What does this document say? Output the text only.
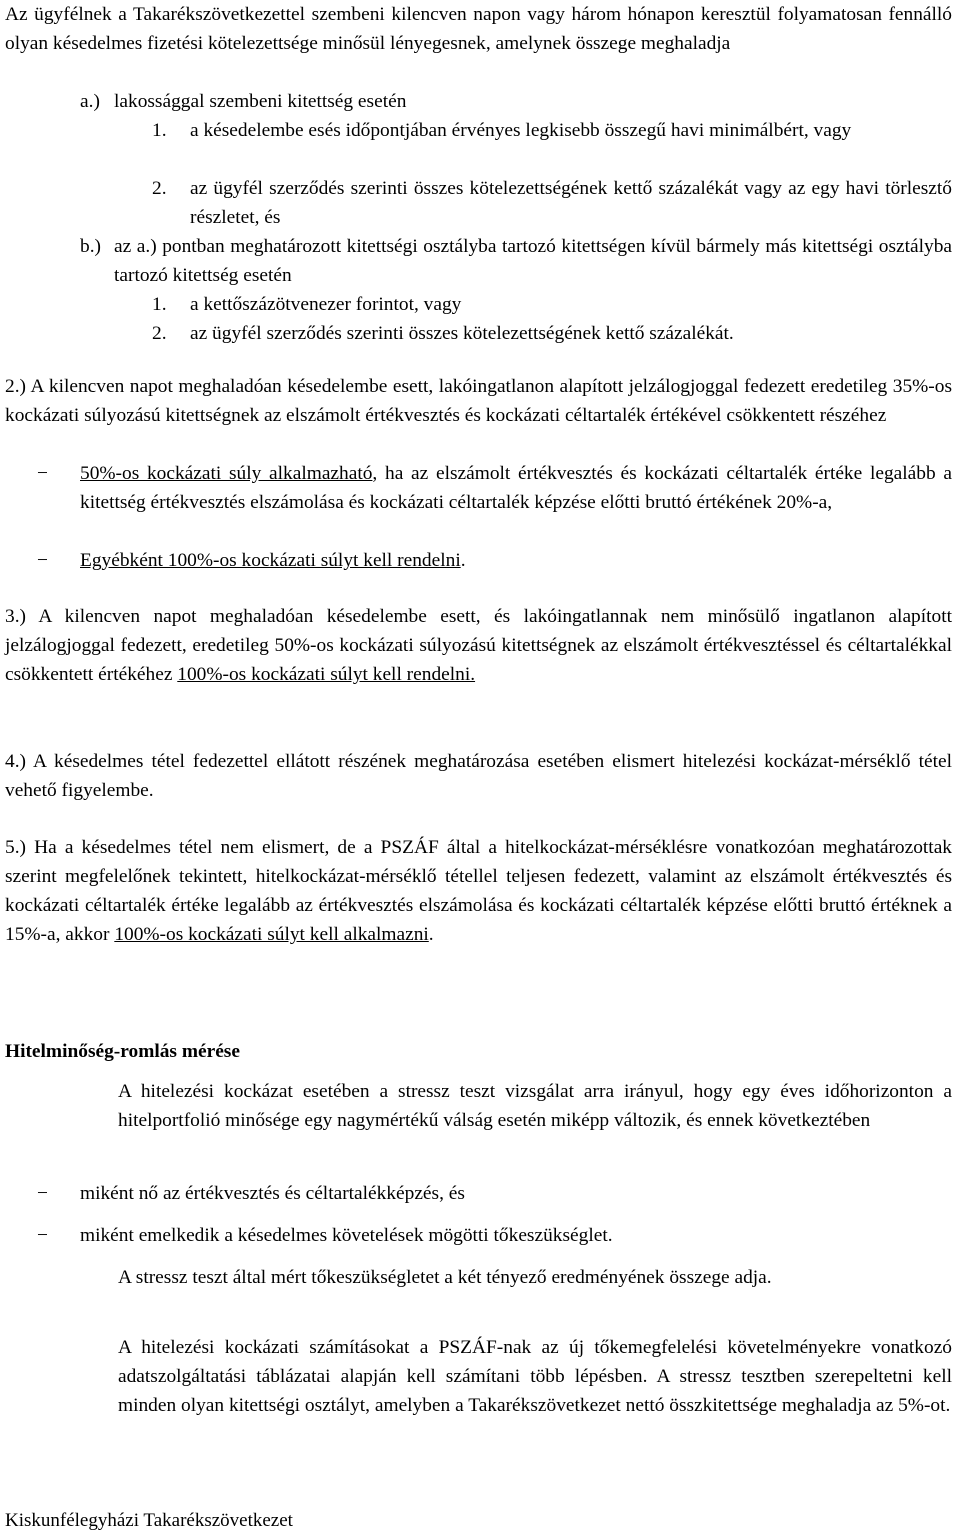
Az ügyfélnek a Takarékszövetkezettel szembeni kilencven napon vagy három hónapon keresztül folyamatosan fennálló olyan késedelmes fizetési kötelezettsége minősül lényegesnek, amelynek összege meghaladja
a.) lakossággal szembeni kitettség esetén
1.	a késedelembe esés időpontjában érvényes legkisebb összegű havi minimálbért, vagy
2.	az ügyfél szerződés szerinti összes kötelezettségének kettő százalékát vagy az egy havi törlesztő részletet, és
b.) az a.) pontban meghatározott kitettségi osztályba tartozó kitettségen kívül bármely más kitettségi osztályba tartozó kitettség esetén
1.	a kettőszázötvenezer forintot, vagy
2.	az ügyfél szerződés szerinti összes kötelezettségének kettő százalékát.
2.) A kilencven napot meghaladóan késedelembe esett, lakóingatlanon alapított jelzálogjoggal fedezett eredetileg 35%-os kockázati súlyozású kitettségnek az elszámolt értékvesztés és kockázati céltartalék értékével csökkentett részéhez
− 50%-os kockázati súly alkalmazható, ha az elszámolt értékvesztés és kockázati céltartalék értéke legalább a kitettség értékvesztés elszámolása és kockázati céltartalék képzése előtti bruttó értékének 20%-a,
− Egyébként 100%-os kockázati súlyt kell rendelni.
3.) A kilencven napot meghaladóan késedelembe esett, és lakóingatlannak nem minősülő ingatlanon alapított jelzálogjoggal fedezett, eredetileg 50%-os kockázati súlyozású kitettségnek az elszámolt értékvesztéssel és céltartalékkal csökkentett értékéhez 100%-os kockázati súlyt kell rendelni.
4.) A késedelmes tétel fedezettel ellátott részének meghatározása esetében elismert hitelezési kockázat-mérséklő tétel vehető figyelembe.
5.) Ha a késedelmes tétel nem elismert, de a PSZÁF által a hitelkockázat-mérséklésre vonatkozóan meghatározottak szerint megfelelőnek tekintett, hitelkockázat-mérséklő tétellel teljesen fedezett, valamint az elszámolt értékvesztés és kockázati céltartalék értéke legalább az értékvesztés elszámolása és kockázati céltartalék képzése előtti bruttó értéknek a 15%-a, akkor 100%-os kockázati súlyt kell alkalmazni.
Hitelminőség-romlás mérése
A hitelezési kockázat esetében a stressz teszt vizsgálat arra irányul, hogy egy éves időhorizonton a hitelportfolió minősége egy nagymértékű válság esetén miképp változik, és ennek következtében
− miként nő az értékvesztés és céltartalékképzés, és
− miként emelkedik a késedelmes követelések mögötti tőkeszükséglet.
A stressz teszt által mért tőkeszükségletet a két tényező eredményének összege adja.
A hitelezési kockázati számításokat a PSZÁF-nak az új tőkemegfelelési követelményekre vonatkozó adatszolgáltatási táblázatai alapján kell számítani több lépésben. A stressz tesztben szerepeltetni kell minden olyan kitettségi osztályt, amelyben a Takarékszövetkezet nettó összkitettsége meghaladja az 5%-ot.
Kiskunfélegyházi Takarékszövetkezet
